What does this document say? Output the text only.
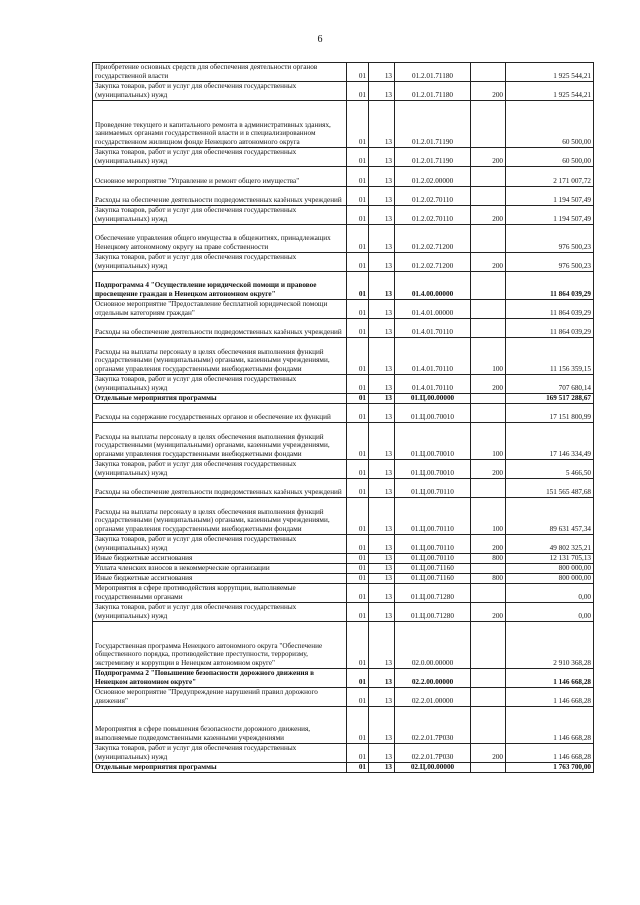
6
Приобретение основных средств для обеспечения деятельности органов государственной власти	01	13	01.2.01.71180		1 925 544,21
Закупка товаров, работ и услуг для обеспечения государственных (муниципальных) нужд	01	13	01.2.01.71180	200	1 925 544,21
Проведение текущего и капитального ремонта в административных зданиях, занимаемых органами государственной власти и в специализированном государственном жилищном фонде Ненецкого автономного округа	01	13	01.2.01.71190		60 500,00
Закупка товаров, работ и услуг для обеспечения государственных (муниципальных) нужд	01	13	01.2.01.71190	200	60 500,00
Основное мероприятие "Управление и ремонт общего имущества"	01	13	01.2.02.00000		2 171 007,72
Расходы на обеспечение деятельности подведомственных казённых учреждений	01	13	01.2.02.70110		1 194 507,49
Закупка товаров, работ и услуг для обеспечения государственных (муниципальных) нужд	01	13	01.2.02.70110	200	1 194 507,49
Обеспечение управления общего имущества в общежитиях, принадлежащих Ненецкому автономному округу на праве собственности	01	13	01.2.02.71200		976 500,23
Закупка товаров, работ и услуг для обеспечения государственных (муниципальных) нужд	01	13	01.2.02.71200	200	976 500,23
Подпрограмма 4 "Осуществление юридической помощи и правовое просвещение граждан в Ненецком автономном округе"	01	13	01.4.00.00000		11 864 039,29
Основное мероприятие "Предоставление бесплатной юридической помощи отдельным категориям граждан"	01	13	01.4.01.00000		11 864 039,29
Расходы на обеспечение деятельности подведомственных казённых учреждений	01	13	01.4.01.70110		11 864 039,29
Расходы на выплаты персоналу в целях обеспечения выполнения функций государственными (муниципальными) органами, казенными учреждениями, органами управления государственными внебюджетными фондами	01	13	01.4.01.70110	100	11 156 359,15
Закупка товаров, работ и услуг для обеспечения государственных (муниципальных) нужд	01	13	01.4.01.70110	200	707 680,14
Отдельные мероприятия программы	01	13	01.Ц.00.00000		169 517 288,67
Расходы на содержание государственных органов и обеспечение их функций	01	13	01.Ц.00.70010		17 151 800,99
Расходы на выплаты персоналу в целях обеспечения выполнения функций государственными (муниципальными) органами, казенными учреждениями, органами управления государственными внебюджетными фондами	01	13	01.Ц.00.70010	100	17 146 334,49
Закупка товаров, работ и услуг для обеспечения государственных (муниципальных) нужд	01	13	01.Ц.00.70010	200	5 466,50
Расходы на обеспечение деятельности подведомственных казённых учреждений	01	13	01.Ц.00.70110		151 565 487,68
Расходы на выплаты персоналу в целях обеспечения выполнения функций государственными (муниципальными) органами, казенными учреждениями, органами управления государственными внебюджетными фондами	01	13	01.Ц.00.70110	100	89 631 457,34
Закупка товаров, работ и услуг для обеспечения государственных (муниципальных) нужд	01	13	01.Ц.00.70110	200	49 802 325,21
Иные бюджетные ассигнования	01	13	01.Ц.00.70110	800	12 131 705,13
Уплата членских взносов в некоммерческие организации	01	13	01.Ц.00.71160		800 000,00
Иные бюджетные ассигнования	01	13	01.Ц.00.71160	800	800 000,00
Мероприятия в сфере противодействия коррупции, выполняемые государственными органами	01	13	01.Ц.00.71280		0,00
Закупка товаров, работ и услуг для обеспечения государственных (муниципальных) нужд	01	13	01.Ц.00.71280	200	0,00
Государственная программа Ненецкого автономного округа "Обеспечение общественного порядка, противодействие преступности, терроризму, экстремизму и коррупции в Ненецком автономном округе"	01	13	02.0.00.00000		2 910 368,28
Подпрограмма 2 "Повышение безопасности дорожного движения в Ненецком автономном округе"	01	13	02.2.00.00000		1 146 668,28
Основное мероприятие "Предупреждение нарушений правил дорожного движения"	01	13	02.2.01.00000		1 146 668,28
Мероприятия в сфере повышения безопасности дорожного движения, выполняемые подведомственными казенными учреждениями	01	13	02.2.01.7Р030		1 146 668,28
Закупка товаров, работ и услуг для обеспечения государственных (муниципальных) нужд	01	13	02.2.01.7Р030	200	1 146 668,28
Отдельные мероприятия программы	01	13	02.Ц.00.00000		1 763 700,00
